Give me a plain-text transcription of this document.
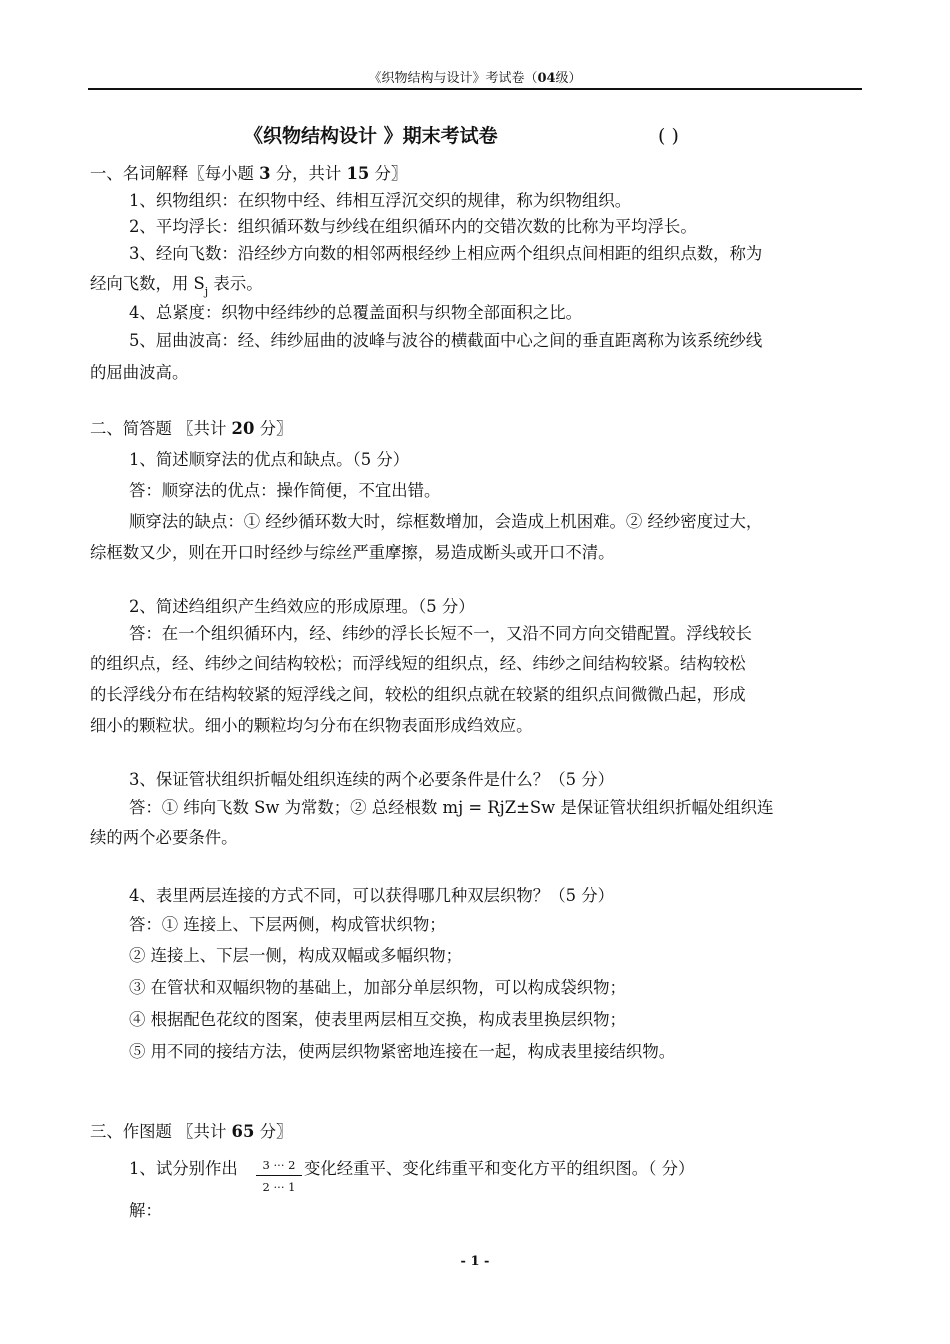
《织物结构与设计》考试卷（04级）
《织物结构设计 》期末考试卷	( )
一、名词解释〖每小题 3 分，共计 15 分〗
1、织物组织：在织物中经、纬相互浮沉交织的规律，称为织物组织。
2、平均浮长：组织循环数与纱线在组织循环内的交错次数的比称为平均浮长。
3、经向飞数：沿经纱方向数的相邻两根经纱上相应两个组织点间相距的组织点数，称为
经向飞数，用 $S_j$ 表示。
4、总紧度：织物中经纬纱的总覆盖面积与织物全部面积之比。
5、屈曲波高：经、纬纱屈曲的波峰与波谷的横截面中心之间的垂直距离称为该系统纱线
的屈曲波高。
二、简答题 〖共计 20 分〗
1、简述顺穿法的优点和缺点。（5 分）
答：顺穿法的优点：操作简便，不宜出错。
顺穿法的缺点：① 经纱循环数大时，综框数增加，会造成上机困难。② 经纱密度过大，
综框数又少，则在开口时经纱与综丝严重摩擦，易造成断头或开口不清。
2、简述绉组织产生绉效应的形成原理。（5 分）
答：在一个组织循环内，经、纬纱的浮长长短不一，又沿不同方向交错配置。浮线较长
的组织点，经、纬纱之间结构较松；而浮线短的组织点，经、纬纱之间结构较紧。结构较松
的长浮线分布在结构较紧的短浮线之间，较松的组织点就在较紧的组织点间微微凸起，形成
细小的颗粒状。细小的颗粒均匀分布在织物表面形成绉效应。
3、保证管状组织折幅处组织连续的两个必要条件是什么？（5 分）
答：① 纬向飞数 Sw 为常数；② 总经根数 mj = RjZ±Sw 是保证管状组织折幅处组织连
续的两个必要条件。
4、表里两层连接的方式不同，可以获得哪几种双层织物？（5 分）
答：① 连接上、下层两侧，构成管状织物；
② 连接上、下层一侧，构成双幅或多幅织物；
③ 在管状和双幅织物的基础上，加部分单层织物，可以构成袋织物；
④ 根据配色花纹的图案，使表里两层相互交换，构成表里换层织物；
⑤ 用不同的接结方法，使两层织物紧密地连接在一起，构成表里接结织物。
三、作图题 〖共计 65 分〗
1、试分别作出	3 ··· 2
2 ··· 1
变化经重平、变化纬重平和变化方平的组织图。（ 分）
解：
- 1 -
